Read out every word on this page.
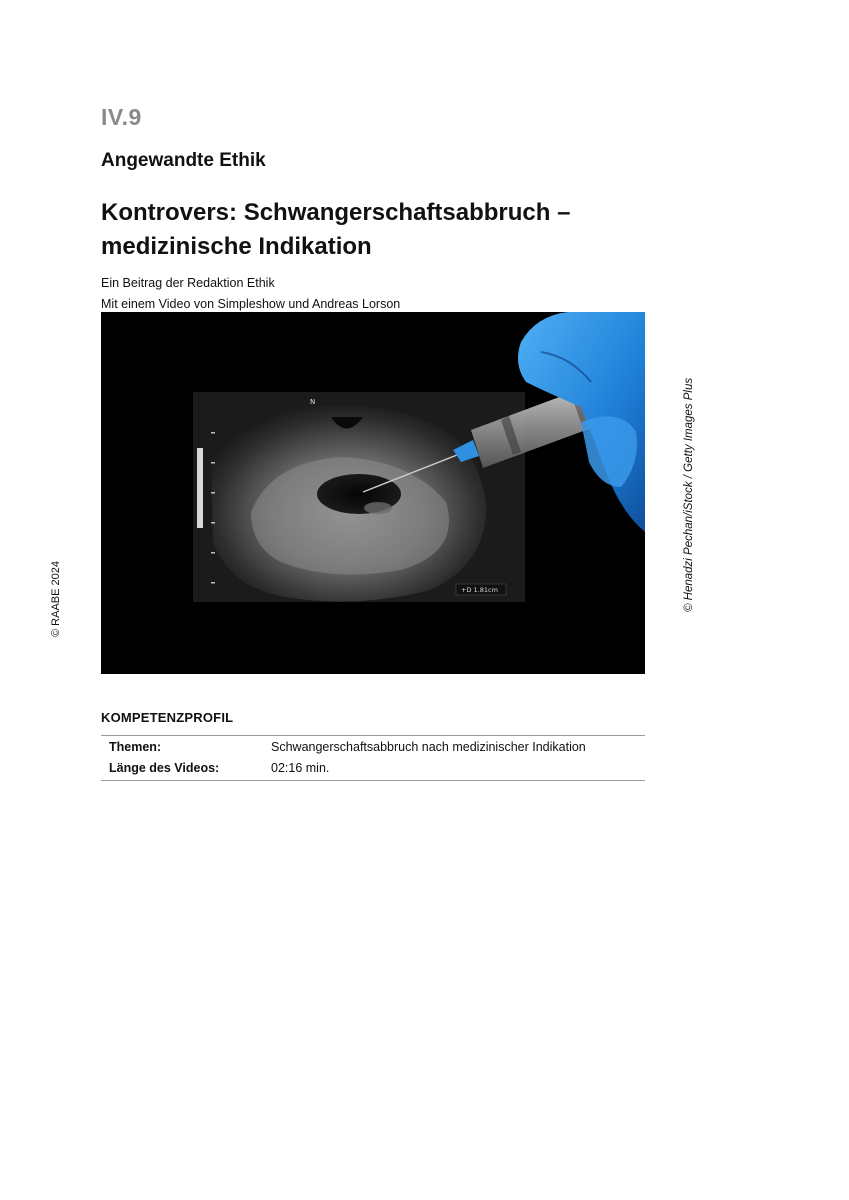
IV.9
Angewandte Ethik
Kontrovers: Schwangerschaftsabbruch –
medizinische Indikation
Ein Beitrag der Redaktion Ethik
Mit einem Video von Simpleshow und Andreas Lorson
N
+D 1.81cm	© Henadzi Pechan/iStock / Getty Images Plus
© RAABE 2024
KOMPETENZPROFIL
Themen:	Schwangerschaftsabbruch nach medizinischer Indikation
Länge des Videos:	02:16 min.
